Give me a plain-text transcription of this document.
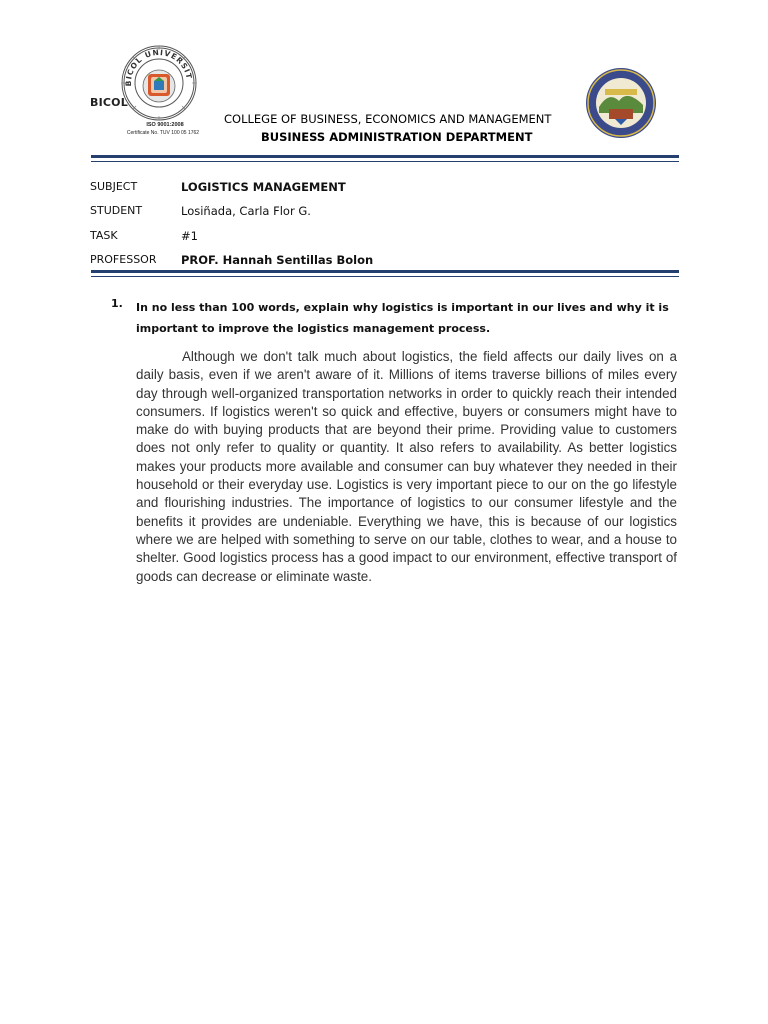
BICOL UNIVERSIT
BICOL
ISO 9001:2008
Certificate No. TUV 100 05 1762
COLLEGE OF BUSINESS, ECONOMICS AND MANAGEMENT
BUSINESS ADMINISTRATION DEPARTMENT
SUBJECT	LOGISTICS MANAGEMENT
STUDENT	Losiñada, Carla Flor G.
TASK	#1
PROFESSOR PROF. Hannah Sentillas Bolon
1. In no less than 100 words, explain why logistics is important in our lives and why it is important to improve the logistics management process.

Although we don't talk much about logistics, the field affects our daily lives on a daily basis, even if we aren't aware of it. Millions of items traverse billions of miles every day through well-organized transportation networks in order to quickly reach their intended consumers. If logistics weren't so quick and effective, buyers or consumers might have to make do with buying products that are beyond their prime. Providing value to customers does not only refer to quality or quantity. It also refers to availability. As better logistics makes your products more available and consumer can buy whatever they needed in their household or their everyday use. Logistics is very important piece to our on the go lifestyle and flourishing industries. The importance of logistics to our consumer lifestyle and the benefits it provides are undeniable. Everything we have, this is because of our logistics where we are helped with something to serve on our table, clothes to wear, and a house to shelter. Good logistics process has a good impact to our environment, effective transport of goods can decrease or eliminate waste.
